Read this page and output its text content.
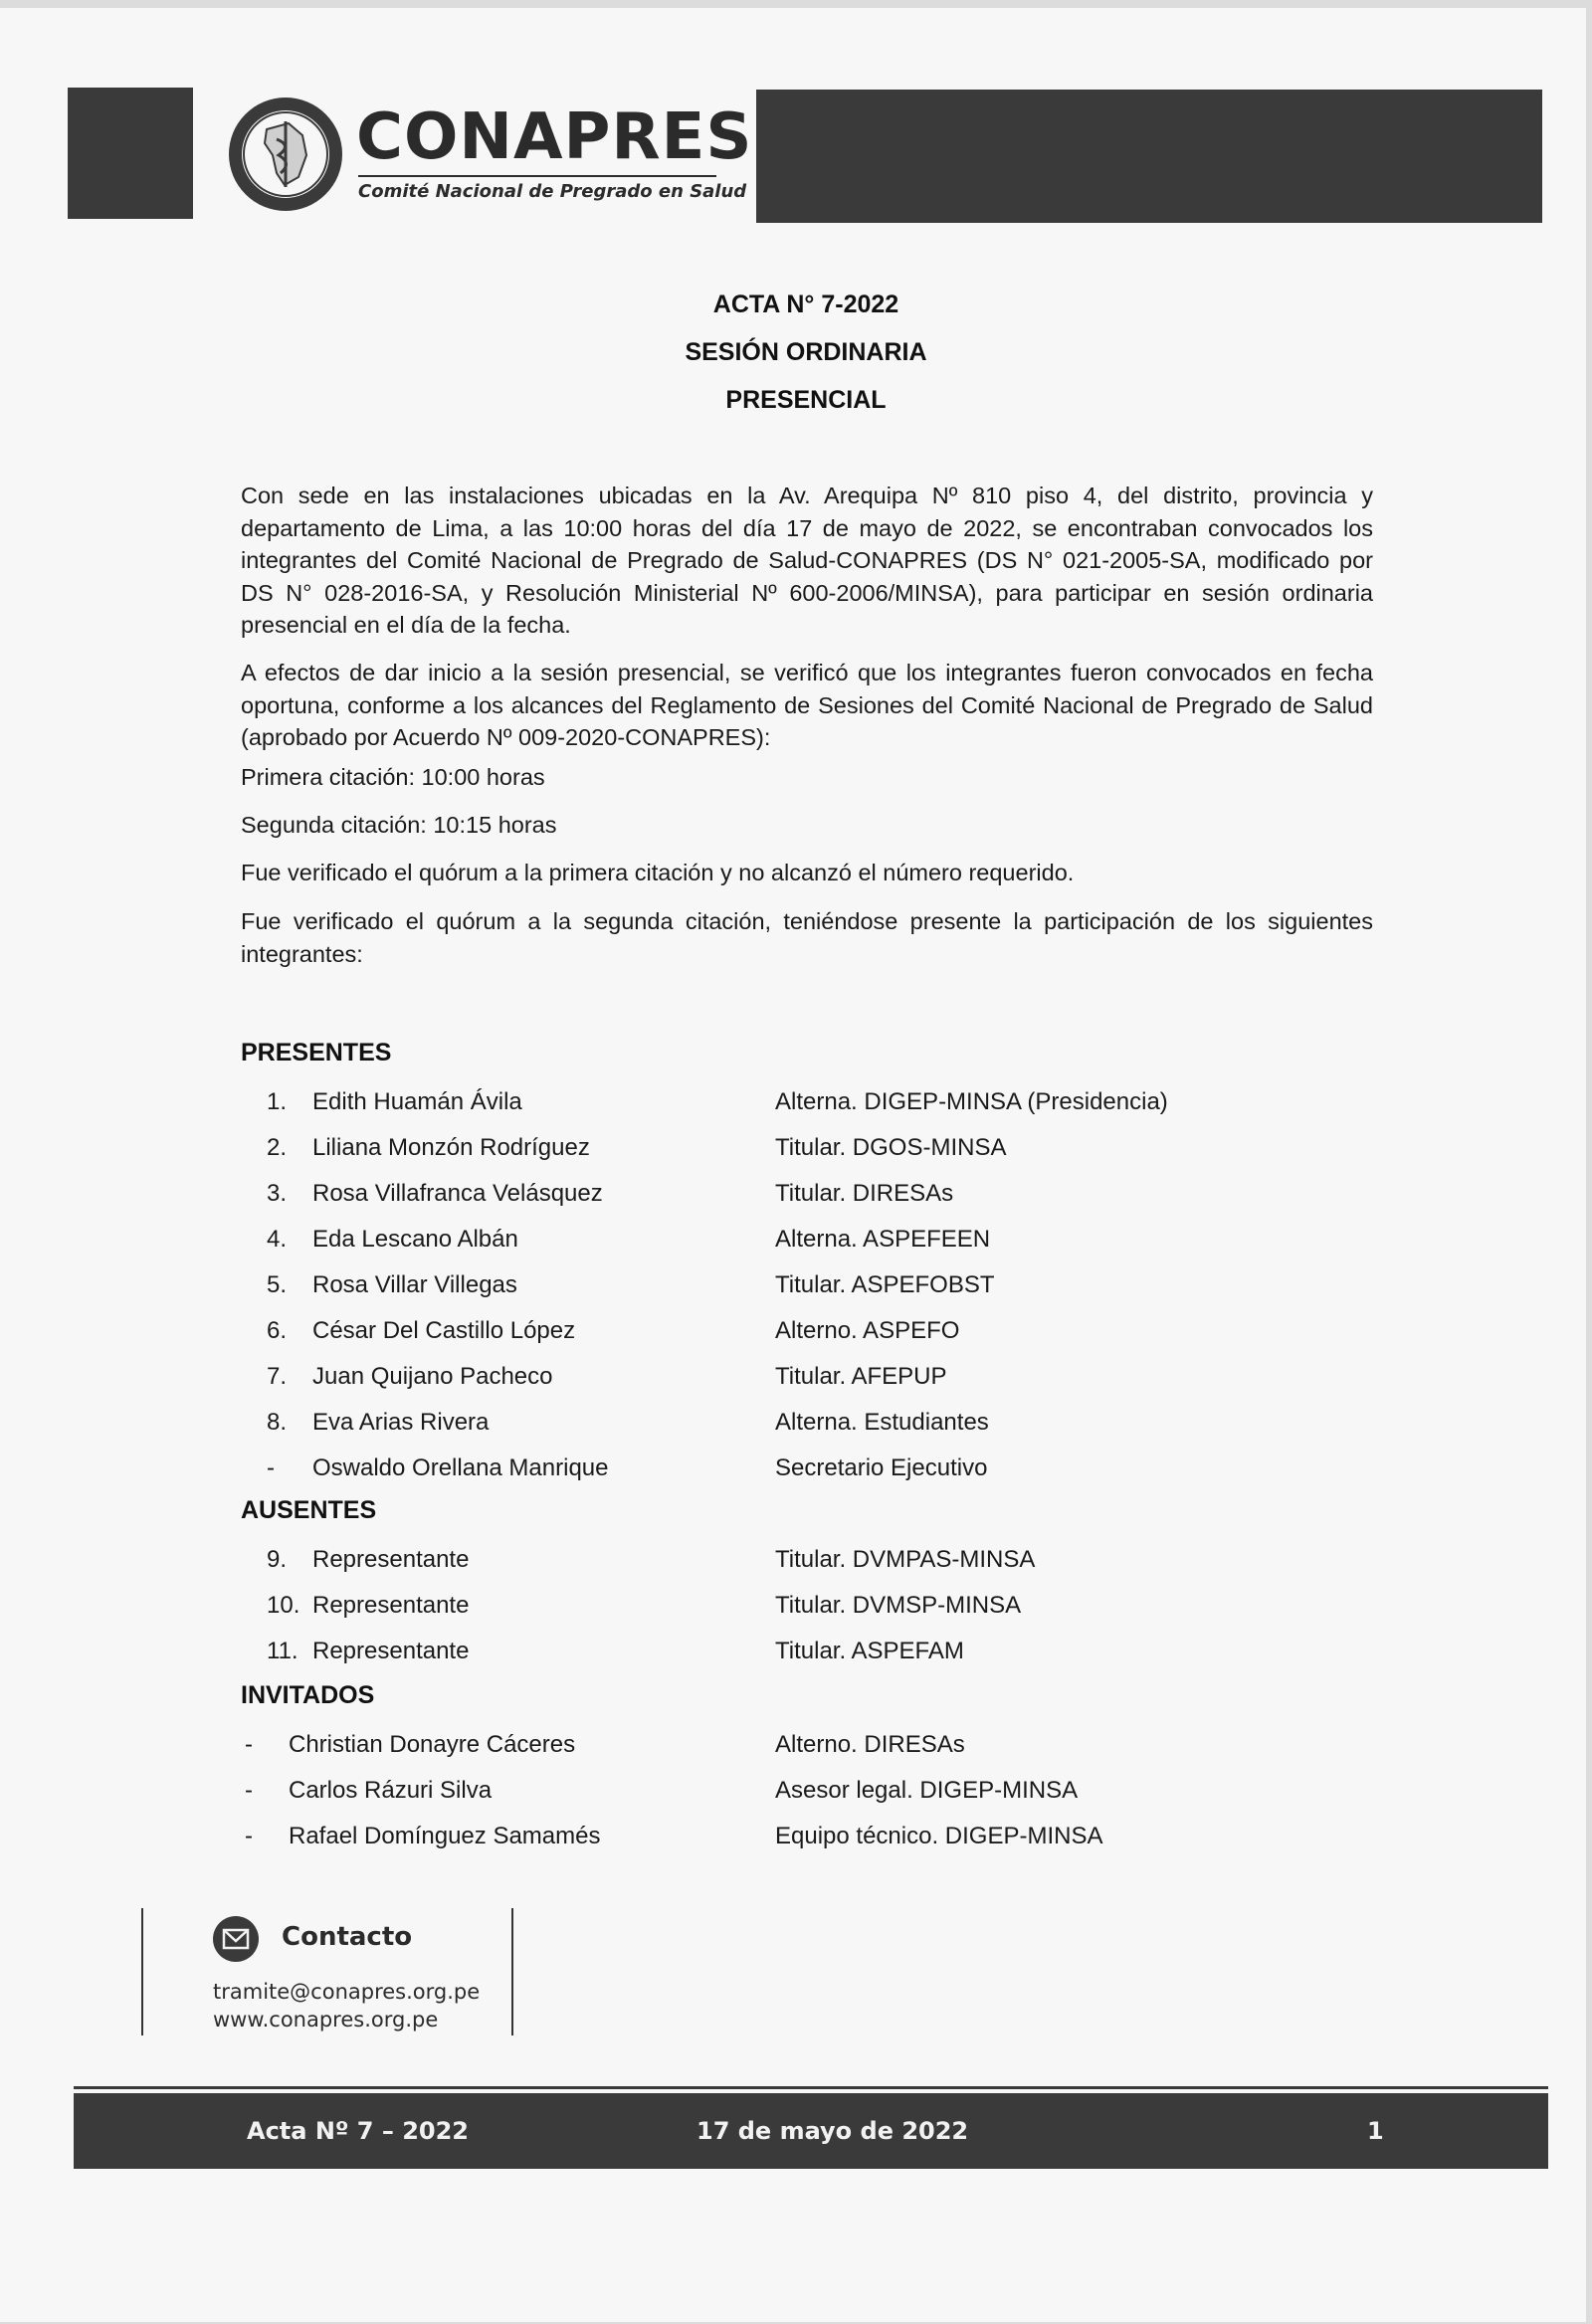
CONAPRES
Comité Nacional de Pregrado en Salud
ACTA N° 7-2022
SESIÓN ORDINARIA
PRESENCIAL
Con sede en las instalaciones ubicadas en la Av. Arequipa Nº 810 piso 4, del distrito, provincia y departamento de Lima, a las 10:00 horas del día 17 de mayo de 2022, se encontraban convocados los integrantes del Comité Nacional de Pregrado de Salud-CONAPRES (DS N° 021-2005-SA, modificado por DS N° 028-2016-SA, y Resolución Ministerial Nº 600-2006/MINSA), para participar en sesión ordinaria presencial en el día de la fecha.
A efectos de dar inicio a la sesión presencial, se verificó que los integrantes fueron convocados en fecha oportuna, conforme a los alcances del Reglamento de Sesiones del Comité Nacional de Pregrado de Salud (aprobado por Acuerdo Nº 009-2020-CONAPRES):
Primera citación: 10:00 horas
Segunda citación: 10:15 horas
Fue verificado el quórum a la primera citación y no alcanzó el número requerido.
Fue verificado el quórum a la segunda citación, teniéndose presente la participación de los siguientes integrantes:
PRESENTES
1. Edith Huamán Ávila	Alterna. DIGEP-MINSA (Presidencia)
2. Liliana Monzón Rodríguez	Titular. DGOS-MINSA
3. Rosa Villafranca Velásquez	Titular. DIRESAs
4. Eda Lescano Albán	Alterna. ASPEFEEN
5. Rosa Villar Villegas	Titular. ASPEFOBST
6. César Del Castillo López	Alterno. ASPEFO
7. Juan Quijano Pacheco	Titular. AFEPUP
8. Eva Arias Rivera	Alterna. Estudiantes
- Oswaldo Orellana Manrique	Secretario Ejecutivo
AUSENTES
9. Representante	Titular. DVMPAS-MINSA
10. Representante	Titular. DVMSP-MINSA
11. Representante	Titular. ASPEFAM
INVITADOS
- Christian Donayre Cáceres	Alterno. DIRESAs
- Carlos Rázuri Silva	Asesor legal. DIGEP-MINSA
- Rafael Domínguez Samamés	Equipo técnico. DIGEP-MINSA
Contacto
tramite@conapres.org.pe
www.conapres.org.pe
Acta Nº 7 – 2022	17 de mayo de 2022	1
